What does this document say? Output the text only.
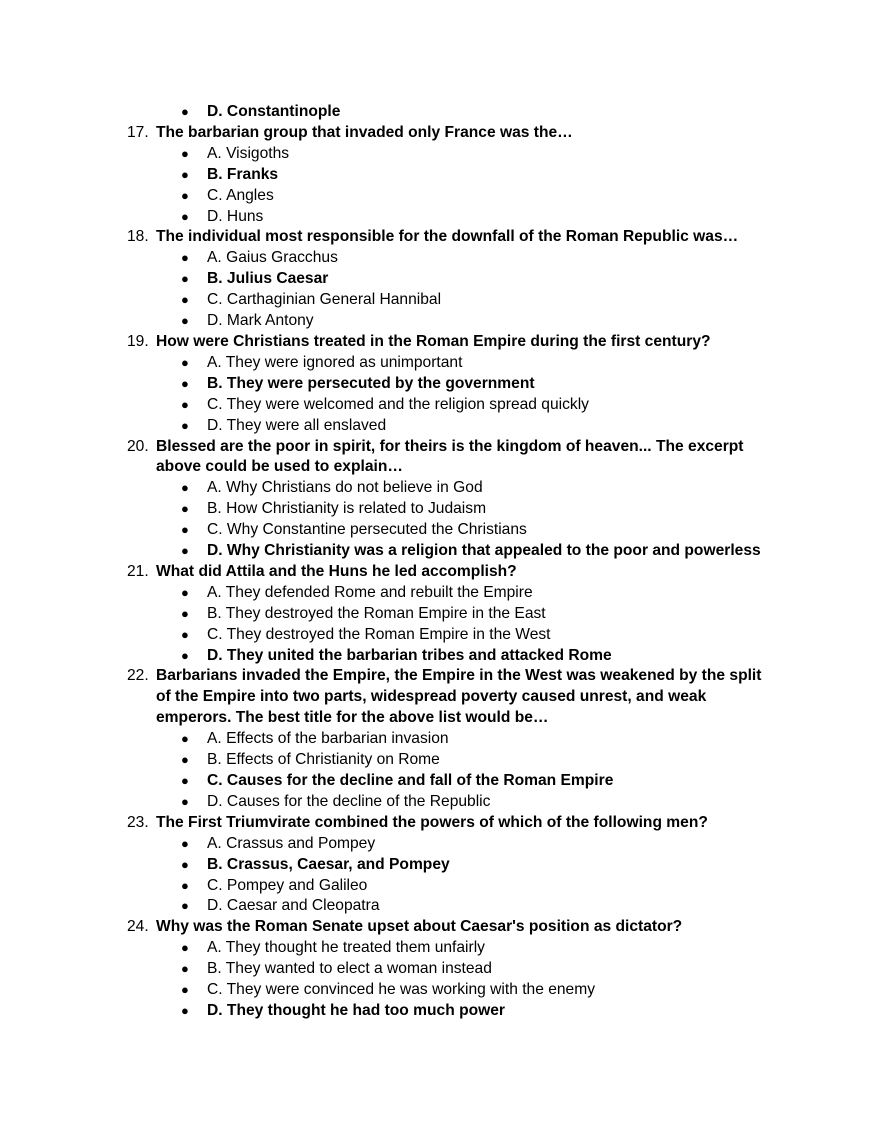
● D. Constantinople
17. The barbarian group that invaded only France was the…
● A. Visigoths
● B. Franks
● C. Angles
● D. Huns
18. The individual most responsible for the downfall of the Roman Republic was…
● A. Gaius Gracchus
● B. Julius Caesar
● C. Carthaginian General Hannibal
● D. Mark Antony
19. How were Christians treated in the Roman Empire during the first century?
● A. They were ignored as unimportant
● B. They were persecuted by the government
● C. They were welcomed and the religion spread quickly
● D. They were all enslaved
20. Blessed are the poor in spirit, for theirs is the kingdom of heaven... The excerpt above could be used to explain…
● A. Why Christians do not believe in God
● B. How Christianity is related to Judaism
● C. Why Constantine persecuted the Christians
● D. Why Christianity was a religion that appealed to the poor and powerless
21. What did Attila and the Huns he led accomplish?
● A. They defended Rome and rebuilt the Empire
● B. They destroyed the Roman Empire in the East
● C. They destroyed the Roman Empire in the West
● D. They united the barbarian tribes and attacked Rome
22. Barbarians invaded the Empire, the Empire in the West was weakened by the split of the Empire into two parts, widespread poverty caused unrest, and weak emperors. The best title for the above list would be…
● A. Effects of the barbarian invasion
● B. Effects of Christianity on Rome
● C. Causes for the decline and fall of the Roman Empire
● D. Causes for the decline of the Republic
23. The First Triumvirate combined the powers of which of the following men?
● A. Crassus and Pompey
● B. Crassus, Caesar, and Pompey
● C. Pompey and Galileo
● D. Caesar and Cleopatra
24. Why was the Roman Senate upset about Caesar's position as dictator?
● A. They thought he treated them unfairly
● B. They wanted to elect a woman instead
● C. They were convinced he was working with the enemy
● D. They thought he had too much power
